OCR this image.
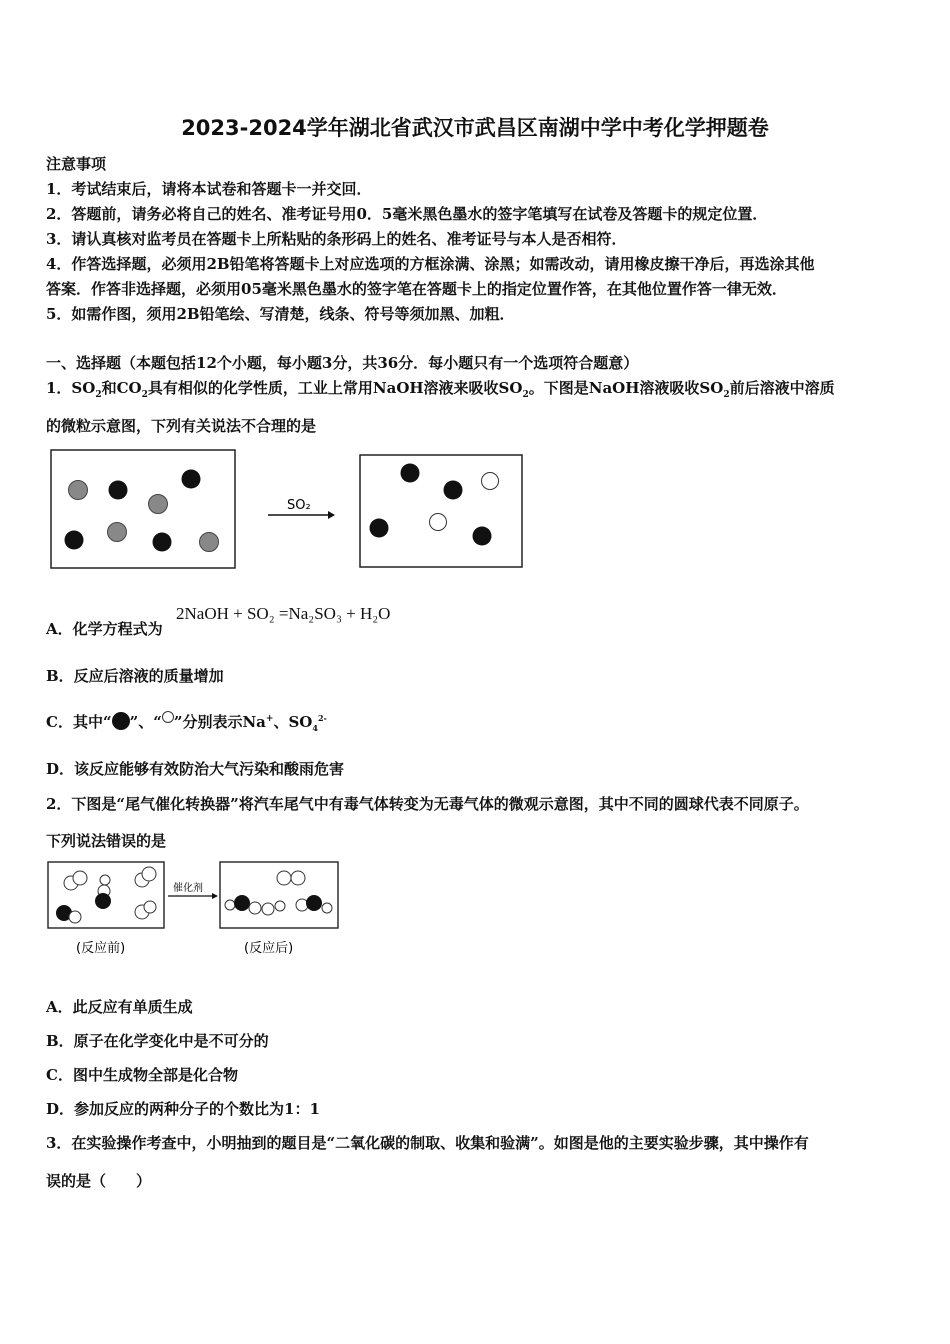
2023-2024学年湖北省武汉市武昌区南湖中学中考化学押题卷
注意事项
1．考试结束后，请将本试卷和答题卡一并交回．
2．答题前，请务必将自己的姓名、准考证号用0．5毫米黑色墨水的签字笔填写在试卷及答题卡的规定位置．
3．请认真核对监考员在答题卡上所粘贴的条形码上的姓名、准考证号与本人是否相符．
4．作答选择题，必须用2B铅笔将答题卡上对应选项的方框涂满、涂黑；如需改动，请用橡皮擦干净后，再选涂其他
答案．作答非选择题，必须用05毫米黑色墨水的签字笔在答题卡上的指定位置作答，在其他位置作答一律无效．
5．如需作图，须用2B铅笔绘、写清楚，线条、符号等须加黑、加粗．
一、选择题（本题包括12个小题，每小题3分，共36分．每小题只有一个选项符合题意）
1．$SO_2$和$CO_2$具有相似的化学性质，工业上常用NaOH溶液来吸收$SO_2$。下图是NaOH溶液吸收$SO_2$前后溶液中溶质
的微粒示意图，下列有关说法不合理的是
SO₂
A．化学方程式为
2NaOH + SO₂ =Na₂SO₃ + H₂O
B．反应后溶液的质量增加
C．其中“ ”、“ ”分别表示Na+、$SO_4^{2-}$
D．该反应能够有效防治大气污染和酸雨危害
2．下图是“尾气催化转换器”将汽车尾气中有毒气体转变为无毒气体的微观示意图，其中不同的圆球代表不同原子。
下列说法错误的是
催化剂
(反应前)	(反应后)
A．此反应有单质生成
B．原子在化学变化中是不可分的
C．图中生成物全部是化合物
D．参加反应的两种分子的个数比为1：1
3．在实验操作考查中，小明抽到的题目是“二氧化碳的制取、收集和验满”。如图是他的主要实验步骤，其中操作有
误的是（　　）
